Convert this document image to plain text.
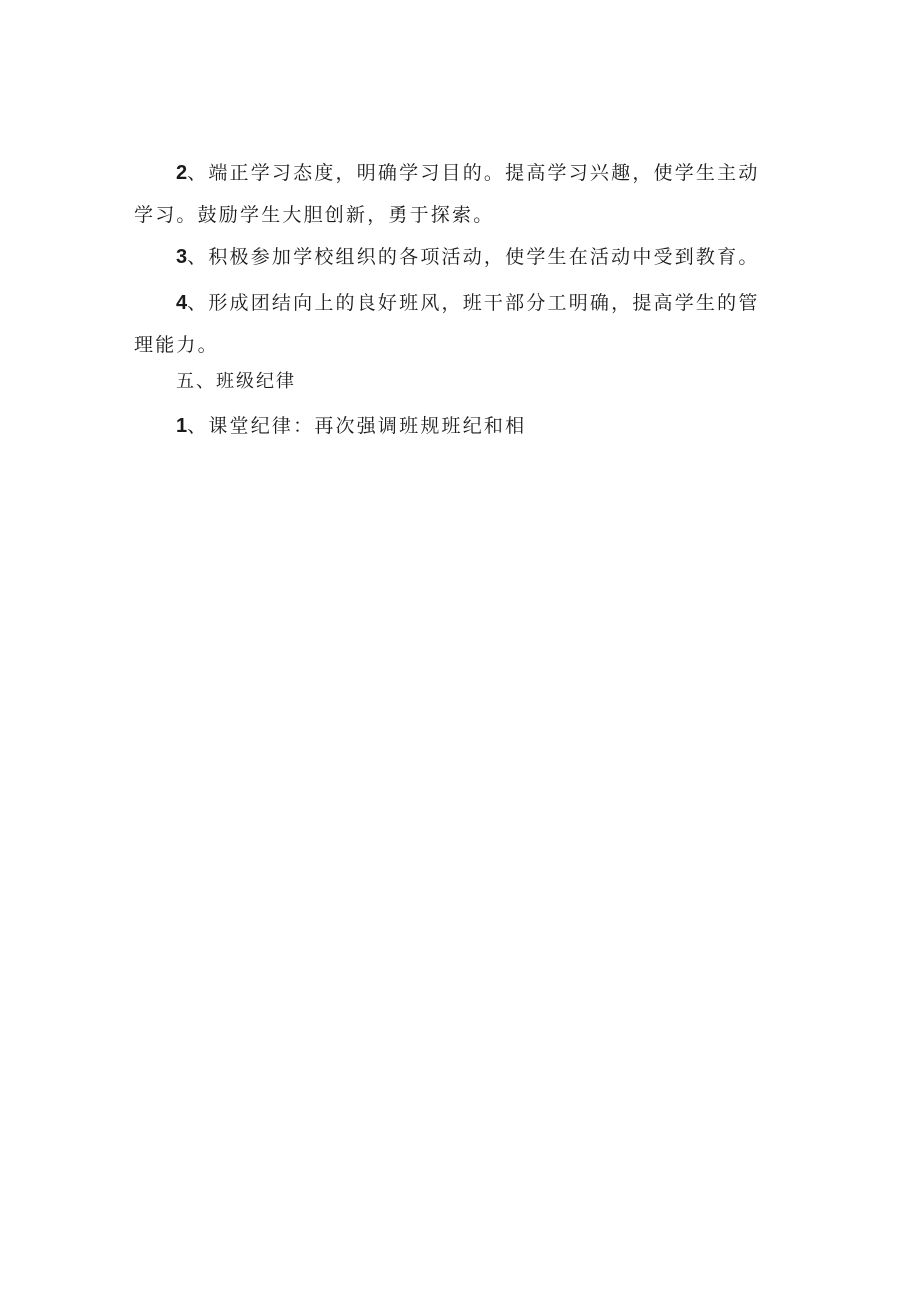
2、端正学习态度，明确学习目的。提高学习兴趣，使学生主动学习。鼓励学生大胆创新，勇于探索。

3、积极参加学校组织的各项活动，使学生在活动中受到教育。

4、形成团结向上的良好班风，班干部分工明确，提高学生的管理能力。

五、班级纪律

1、课堂纪律：再次强调班规班纪和相
